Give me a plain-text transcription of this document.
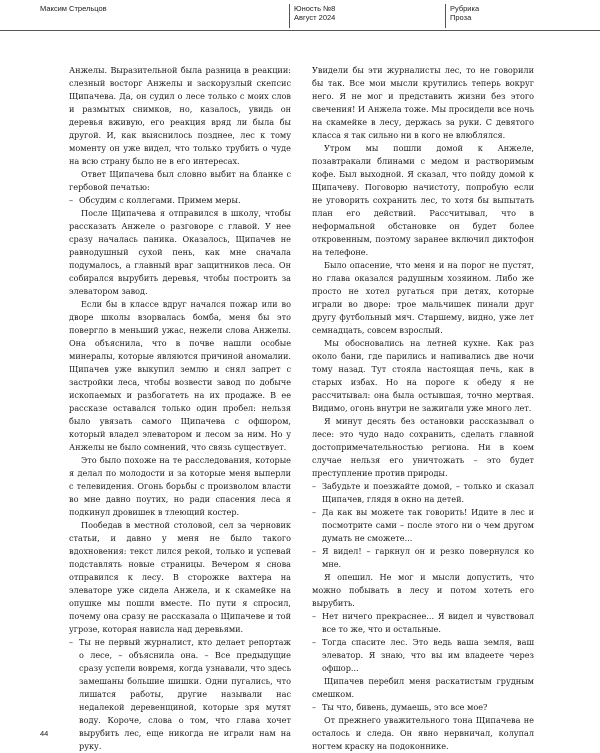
Максим Стрельцов	Юность №8
Август 2024
Рубрика
Проза

Анжелы. Выразительной была разница в реакции: слезный восторг Анжелы и заскорузлый скепсис Щипачева. Да, он судил о лесе только с моих слов и размытых снимков, но, казалось, увидь он деревья вживую, его реакция вряд ли была бы другой. И, как выяснилось позднее, лес к тому моменту он уже видел, что только трубить о чуде на всю страну было не в его интересах.

Ответ Щипачева был словно выбит на бланке с гербовой печатью:

– Обсудим с коллегами. Примем меры.

После Щипачева я отправился в школу, чтобы рассказать Анжеле о разговоре с главой. У нее сразу началась паника. Оказалось, Щипачев не равнодушный сухой пень, как мне сначала подумалось, а главный враг защитников леса. Он собирался вырубить деревья, чтобы построить за элеватором завод.

Если бы в классе вдруг начался пожар или во дворе школы взорвалась бомба, меня бы это повергло в меньший ужас, нежели слова Анжелы. Она объяснила, что в почве нашли особые минералы, которые являются причиной аномалии. Щипачев уже выкупил землю и снял запрет с застройки леса, чтобы возвести завод по добыче ископаемых и разбогатеть на их продаже. В ее рассказе оставался только один пробел: нельзя было увязать самого Щипачева с офшором, который владел элеватором и лесом за ним. Но у Анжелы не было сомнений, что связь существует.

Это было похоже на те расследования, которые я делал по молодости и за которые меня выперли с телевидения. Огонь борьбы с произволом власти во мне давно поутих, но ради спасения леса я подкинул дровишек в тлеющий костер.

Пообедав в местной столовой, сел за черновик статьи, и давно у меня не было такого вдохновения: текст лился рекой, только и успевай подставлять новые страницы. Вечером я снова отправился к лесу. В сторожке вахтера на элеваторе уже сидела Анжела, и к скамейке на опушке мы пошли вместе. По пути я спросил, почему она сразу не рассказала о Щипачеве и той угрозе, которая нависла над деревьями.

– Ты не первый журналист, кто делает репортаж о лесе, – объяснила она. – Все предыдущие сразу успели вовремя, когда узнавали, что здесь замешаны большие шишки. Одни пугались, что лишатся работы, другие называли нас недалекой деревенщиной, которые зря мутят воду. Короче, слова о том, что глава хочет вырубить лес, еще никогда не играли нам на руку.

Увидели бы эти журналисты лес, то не говорили бы так. Все мои мысли крутились теперь вокруг него. Я не мог и представить жизни без этого свечения! И Анжела тоже. Мы просидели все ночь на скамейке в лесу, держась за руки. С девятого класса я так сильно ни в кого не влюблялся.

Утром мы пошли домой к Анжеле, позавтракали блинами с медом и растворимым кофе. Был выходной. Я сказал, что пойду домой к Щипачеву. Поговорю начистоту, попробую если не уговорить сохранить лес, то хотя бы выпытать план его действий. Рассчитывал, что в неформальной обстановке он будет более откровенным, поэтому заранее включил диктофон на телефоне.

Было опасение, что меня и на порог не пустят, но глава оказался радушным хозяином. Либо же просто не хотел ругаться при детях, которые играли во дворе: трое мальчишек пинали друг другу футбольный мяч. Старшему, видно, уже лет семнадцать, совсем взрослый.

Мы обосновались на летней кухне. Как раз около бани, где парились и напивались две ночи тому назад. Тут стояла настоящая печь, как в старых избах. Но на пороге к обеду я не рассчитывал: она была остывшая, точно мертвая. Видимо, огонь внутри не зажигали уже много лет.

Я минут десять без остановки рассказывал о лесе: это чудо надо сохранить, сделать главной достопримечательностью региона. Ни в коем случае нельзя его уничтожать – это будет преступление против природы.

– Забудьте и поезжайте домой, – только и сказал Щипачев, глядя в окно на детей.

– Да как вы можете так говорить! Идите в лес и посмотрите сами – после этого ни о чем другом думать не сможете...

– Я видел! – гаркнул он и резко повернулся ко мне.

Я опешил. Не мог и мысли допустить, что можно побывать в лесу и потом хотеть его вырубить.

– Нет ничего прекраснее... Я видел и чувствовал все то же, что и остальные.

– Тогда спасите лес. Это ведь ваша земля, ваш элеватор. Я знаю, что вы им владеете через офшор...

Щипачев перебил меня раскатистым грудным смешком.

– Ты что, бивень, думаешь, это все мое?

От прежнего уважительного тона Щипачева не осталось и следа. Он явно нервничал, колупал ногтем краску на подоконнике.

44
